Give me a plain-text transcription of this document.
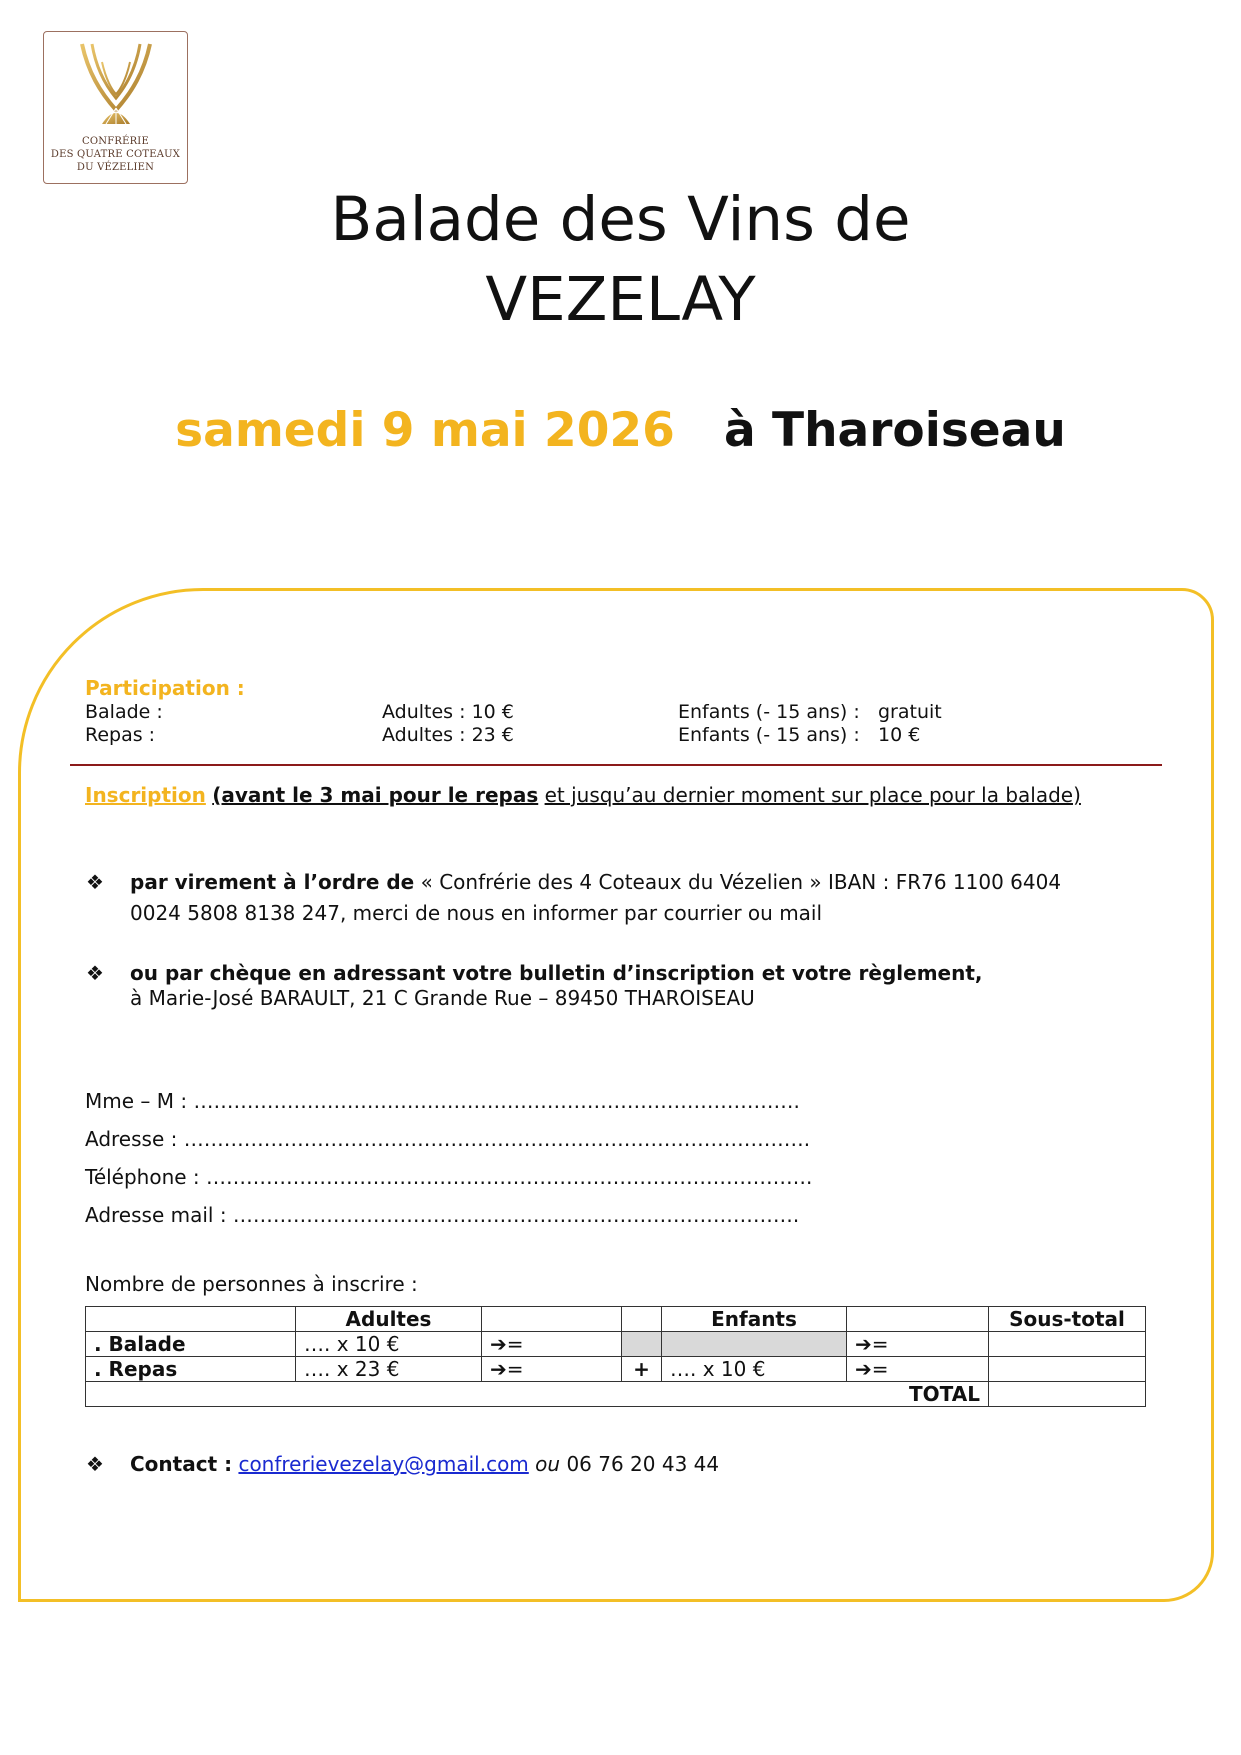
CONFRÉRIE
DES QUATRE COTEAUX
DU VÉZELIEN
Balade des Vins de
VEZELAY
samedi 9 mai 2026 à Tharoiseau
Participation :
Balade :	Adultes : 10 €	Enfants (- 15 ans) : gratuit
Repas :	Adultes : 23 €	Enfants (- 15 ans) : 10 €
Inscription (avant le 3 mai pour le repas et jusqu’au dernier moment sur place pour la balade)
❖ par virement à l’ordre de « Confrérie des 4 Coteaux du Vézelien » IBAN : FR76 1100 6404
0024 5808 8138 247, merci de nous en informer par courrier ou mail
❖ ou par chèque en adressant votre bulletin d’inscription et votre règlement,
à Marie-José BARAULT, 21 C Grande Rue – 89450 THAROISEAU
Mme – M : ……………………………………………………………………………….
Adresse : ………………………………………………………………………………….
Téléphone : ……………………………………………………………………………….
Adresse mail : ………………………………………………………………………….
Nombre de personnes à inscrire :
	Adultes			Enfants		Sous-total
. Balade	…. x 10 €	➔=			➔=	
. Repas	…. x 23 €	➔=	+	…. x 10 €	➔=	
TOTAL						
❖ Contact : confrerievezelay@gmail.com ou 06 76 20 43 44
